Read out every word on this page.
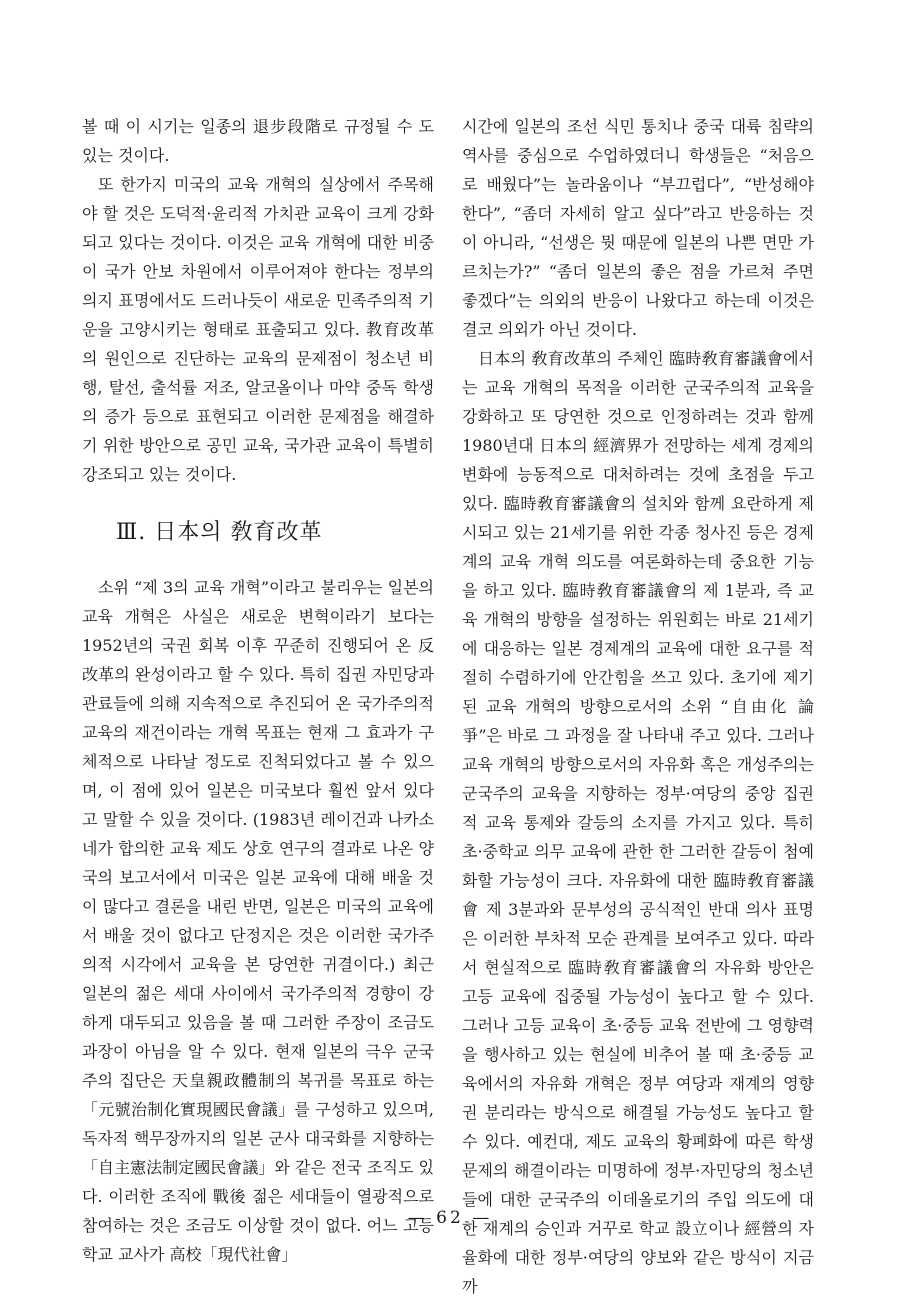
볼 때 이 시기는 일종의 退步段階로 규정될 수 도 있는 것이다.

또 한가지 미국의 교육 개혁의 실상에서 주목해야 할 것은 도덕적·윤리적 가치관 교육이 크게 강화되고 있다는 것이다. 이것은 교육 개혁에 대한 비중이 국가 안보 차원에서 이루어져야 한다는 정부의 의지 표명에서도 드러나듯이 새로운 민족주의적 기운을 고양시키는 형태로 표출되고 있다. 教育改革의 원인으로 진단하는 교육의 문제점이 청소년 비행, 탈선, 출석률 저조, 알코올이나 마약 중독 학생의 증가 등으로 표현되고 이러한 문제점을 해결하기 위한 방안으로 공민 교육, 국가관 교육이 특별히 강조되고 있는 것이다.

Ⅲ. 日本의 敎育改革

소위 “제 3의 교육 개혁”이라고 불리우는 일본의 교육 개혁은 사실은 새로운 변혁이라기 보다는 1952년의 국권 회복 이후 꾸준히 진행되어 온 反改革의 완성이라고 할 수 있다. 특히 집권 자민당과 관료들에 의해 지속적으로 추진되어 온 국가주의적 교육의 재건이라는 개혁 목표는 현재 그 효과가 구체적으로 나타날 정도로 진척되었다고 볼 수 있으며, 이 점에 있어 일본은 미국보다 훨씬 앞서 있다고 말할 수 있을 것이다. (1983년 레이건과 나카소네가 합의한 교육 제도 상호 연구의 결과로 나온 양국의 보고서에서 미국은 일본 교육에 대해 배울 것이 많다고 결론을 내린 반면, 일본은 미국의 교육에서 배울 것이 없다고 단정지은 것은 이러한 국가주의적 시각에서 교육을 본 당연한 귀결이다.) 최근 일본의 젊은 세대 사이에서 국가주의적 경향이 강하게 대두되고 있음을 볼 때 그러한 주장이 조금도 과장이 아님을 알 수 있다. 현재 일본의 극우 군국주의 집단은 天皇親政體制의 복귀를 목표로 하는 「元號治制化實現國民會議」를 구성하고 있으며, 독자적 핵무장까지의 일본 군사 대국화를 지향하는 「自主憲法制定國民會議」와 같은 전국 조직도 있다. 이러한 조직에 戰後 젊은 세대들이 열광적으로 참여하는 것은 조금도 이상할 것이 없다. 어느 고등 학교 교사가 高校「現代社會」

시간에 일본의 조선 식민 통치나 중국 대륙 침략의 역사를 중심으로 수업하였더니 학생들은 “처음으로 배웠다”는 놀라움이나 “부끄럽다”, “반성해야 한다”, “좀더 자세히 알고 싶다”라고 반응하는 것이 아니라, “선생은 뭣 때문에 일본의 나쁜 면만 가르치는가?” “좀더 일본의 좋은 점을 가르쳐 주면 좋겠다”는 의외의 반응이 나왔다고 하는데 이것은 결코 의외가 아닌 것이다.

日本의 敎育改革의 주체인 臨時敎育審議會에서는 교육 개혁의 목적을 이러한 군국주의적 교육을 강화하고 또 당연한 것으로 인정하려는 것과 함께 1980년대 日本의 經濟界가 전망하는 세계 경제의 변화에 능동적으로 대처하려는 것에 초점을 두고 있다. 臨時敎育審議會의 설치와 함께 요란하게 제시되고 있는 21세기를 위한 각종 청사진 등은 경제계의 교육 개혁 의도를 여론화하는데 중요한 기능을 하고 있다. 臨時敎育審議會의 제 1분과, 즉 교육 개혁의 방향을 설정하는 위원회는 바로 21세기에 대응하는 일본 경제계의 교육에 대한 요구를 적절히 수렴하기에 안간힘을 쓰고 있다. 초기에 제기된 교육 개혁의 방향으로서의 소위 “自由化 論爭”은 바로 그 과정을 잘 나타내 주고 있다. 그러나 교육 개혁의 방향으로서의 자유화 혹은 개성주의는 군국주의 교육을 지향하는 정부·여당의 중앙 집권적 교육 통제와 갈등의 소지를 가지고 있다. 특히 초·중학교 의무 교육에 관한 한 그러한 갈등이 첨예화할 가능성이 크다. 자유화에 대한 臨時敎育審議會 제 3분과와 문부성의 공식적인 반대 의사 표명은 이러한 부차적 모순 관계를 보여주고 있다. 따라서 현실적으로 臨時敎育審議會의 자유화 방안은 고등 교육에 집중될 가능성이 높다고 할 수 있다. 그러나 고등 교육이 초·중등 교육 전반에 그 영향력을 행사하고 있는 현실에 비추어 볼 때 초·중등 교육에서의 자유화 개혁은 정부 여당과 재계의 영향권 분리라는 방식으로 해결될 가능성도 높다고 할 수 있다. 예컨대, 제도 교육의 황폐화에 따른 학생 문제의 해결이라는 미명하에 정부·자민당의 청소년들에 대한 군국주의 이데올로기의 주입 의도에 대한 재계의 승인과 거꾸로 학교 設立이나 經營의 자율화에 대한 정부·여당의 양보와 같은 방식이 지금까

— 62 —
